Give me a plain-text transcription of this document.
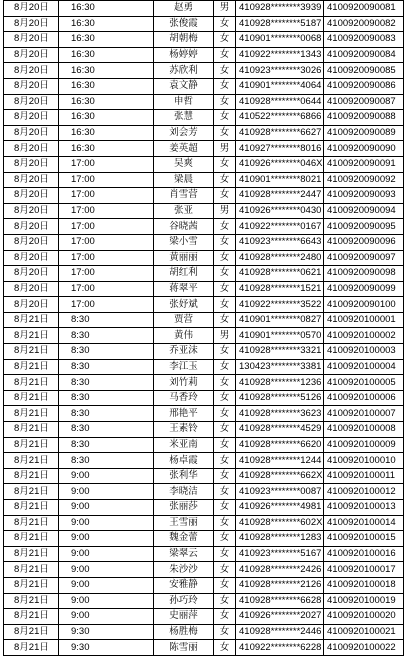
8月20日	16:30	赵勇	男	410928********3939	4100920090081
8月20日	16:30	张俊霞	女	410928********5187	4100920090082
8月20日	16:30	胡朝梅	女	410901********0068	4100920090083
8月20日	16:30	杨婷婷	女	410922********1343	4100920090084
8月20日	16:30	苏欣利	女	410923********3026	4100920090085
8月20日	16:30	袁文静	女	410901********4064	4100920090086
8月20日	16:30	申哲	女	410928********0644	4100920090087
8月20日	16:30	张慧	女	410522********6866	4100920090088
8月20日	16:30	刘会芳	女	410928********6627	4100920090089
8月20日	16:30	姜英超	男	410927********8016	4100920090090
8月20日	17:00	吴爽	女	410926********046X	4100920090091
8月20日	17:00	梁晨	女	410901********8021	4100920090092
8月20日	17:00	肖雪营	女	410928********2447	4100920090093
8月20日	17:00	张亚	男	410926********0430	4100920090094
8月20日	17:00	谷晓茜	女	410922********0167	4100920090095
8月20日	17:00	梁小雪	女	410923********6643	4100920090096
8月20日	17:00	黄丽丽	女	410928********2480	4100920090097
8月20日	17:00	胡红利	女	410928********0621	4100920090098
8月20日	17:00	蒋翠平	女	410928********1521	4100920090099
8月20日	17:00	张妤斌	女	410922********3522	4100920090100
8月21日	8:30	贾营	女	410901********0827	4100920100001
8月21日	8:30	黄伟	男	410901********0570	4100920100002
8月21日	8:30	乔亚沫	女	410928********3321	4100920100003
8月21日	8:30	李江玉	女	130423********3381	4100920100004
8月21日	8:30	刘竹莉	女	410928********1236	4100920100005
8月21日	8:30	马香玲	女	410928********5126	4100920100006
8月21日	8:30	邢艳平	女	410928********3623	4100920100007
8月21日	8:30	王素铃	女	410928********4529	4100920100008
8月21日	8:30	米亚南	女	410928********6620	4100920100009
8月21日	8:30	杨卓霞	女	410928********1244	4100920100010
8月21日	9:00	张利华	女	410928********662X	4100920100011
8月21日	9:00	李晓洁	女	410923********0087	4100920100012
8月21日	9:00	张丽莎	女	410926********4981	4100920100013
8月21日	9:00	王雪丽	女	410928********602X	4100920100014
8月21日	9:00	魏金蕾	女	410928********1283	4100920100015
8月21日	9:00	梁翠云	女	410923********5167	4100920100016
8月21日	9:00	朱沙沙	女	410928********2426	4100920100017
8月21日	9:00	安雅静	女	410928********2126	4100920100018
8月21日	9:00	孙巧玲	女	410928********6628	4100920100019
8月21日	9:00	史丽萍	女	410926********2027	4100920100020
8月21日	9:30	杨胜梅	女	410928********2446	4100920100021
8月21日	9:30	陈雪丽	女	410922********6228	4100920100022
